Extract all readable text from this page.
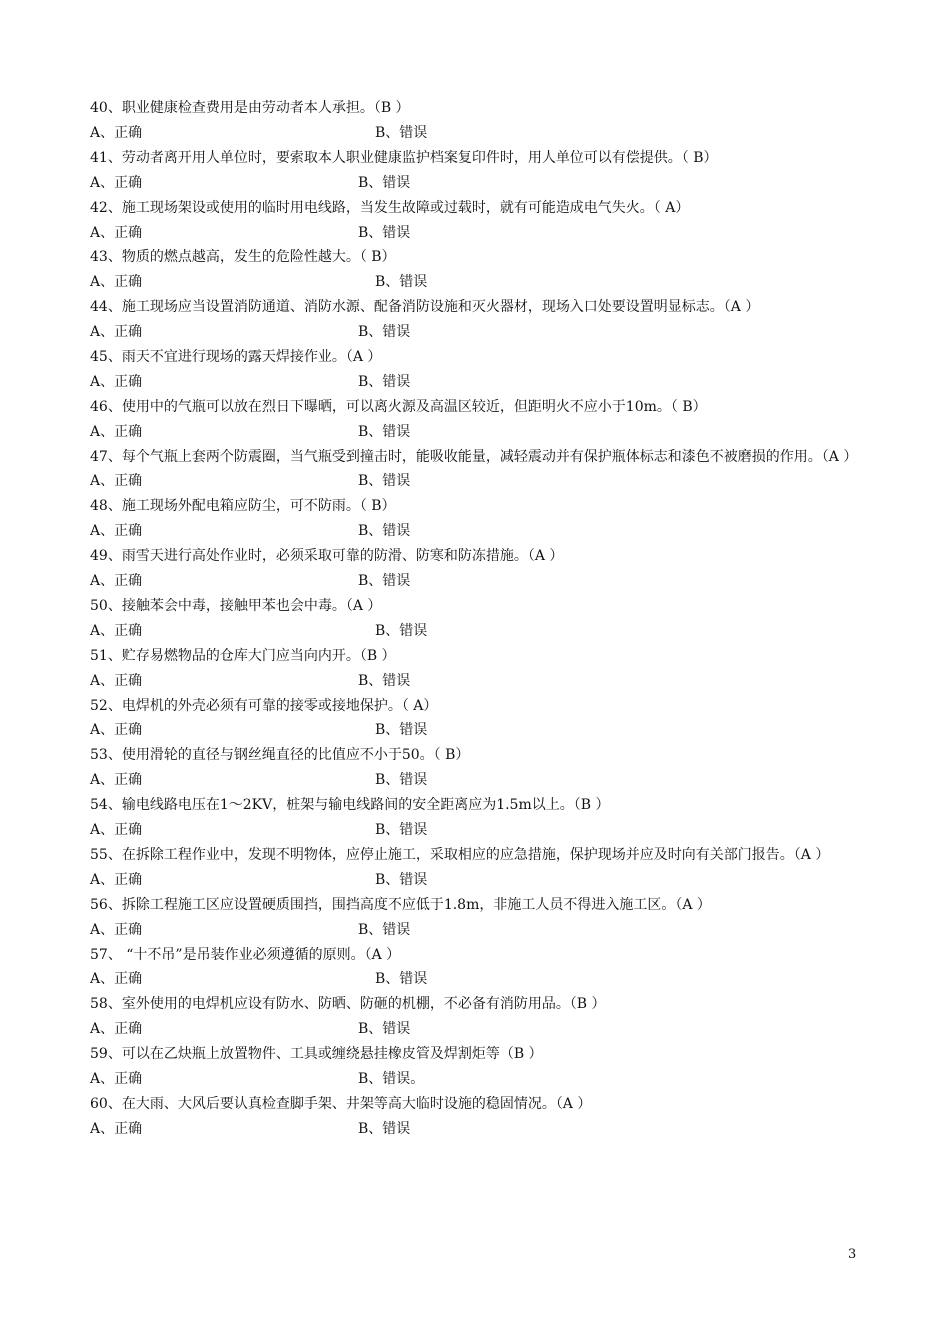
40、职业健康检查费用是由劳动者本人承担。（B ）
A、正确	B、错误
41、劳动者离开用人单位时，要索取本人职业健康监护档案复印件时，用人单位可以有偿提供。（ B）
A、正确	B、错误
42、施工现场架设或使用的临时用电线路，当发生故障或过载时，就有可能造成电气失火。（ A）
A、正确	B、错误
43、物质的燃点越高，发生的危险性越大。（ B）
A、正确	B、错误
44、施工现场应当设置消防通道、消防水源、配备消防设施和灭火器材，现场入口处要设置明显标志。（A ）
A、正确	B、错误
45、雨天不宜进行现场的露天焊接作业。（A ）
A、正确	B、错误
46、使用中的气瓶可以放在烈日下曝晒，可以离火源及高温区较近，但距明火不应小于10m。（ B）
A、正确	B、错误
47、每个气瓶上套两个防震圈，当气瓶受到撞击时，能吸收能量，减轻震动并有保护瓶体标志和漆色不被磨损的作用。（A ）
A、正确	B、错误
48、施工现场外配电箱应防尘，可不防雨。（ B）
A、正确	B、错误
49、雨雪天进行高处作业时，必须采取可靠的防滑、防寒和防冻措施。（A ）
A、正确	B、错误
50、接触苯会中毒，接触甲苯也会中毒。（A ）
A、正确	B、错误
51、贮存易燃物品的仓库大门应当向内开。（B ）
A、正确	B、错误
52、电焊机的外壳必须有可靠的接零或接地保护。（ A）
A、正确	B、错误
53、使用滑轮的直径与钢丝绳直径的比值应不小于50。（ B）
A、正确	B、错误
54、输电线路电压在1～2KV，桩架与输电线路间的安全距离应为1.5m以上。（B ）
A、正确	B、错误
55、在拆除工程作业中，发现不明物体，应停止施工，采取相应的应急措施，保护现场并应及时向有关部门报告。（A ）
A、正确	B、错误
56、拆除工程施工区应设置硬质围挡，围挡高度不应低于1.8m，非施工人员不得进入施工区。（A ）
A、正确	B、错误
57、 “十不吊”是吊装作业必须遵循的原则。（A ）
A、正确	B、错误
58、室外使用的电焊机应设有防水、防晒、防砸的机棚，不必备有消防用品。（B ）
A、正确	B、错误
59、可以在乙炔瓶上放置物件、工具或缠绕悬挂橡皮管及焊割炬等（B ）
A、正确	B、错误。
60、在大雨、大风后要认真检查脚手架、井架等高大临时设施的稳固情况。（A ）
A、正确	B、错误
3
